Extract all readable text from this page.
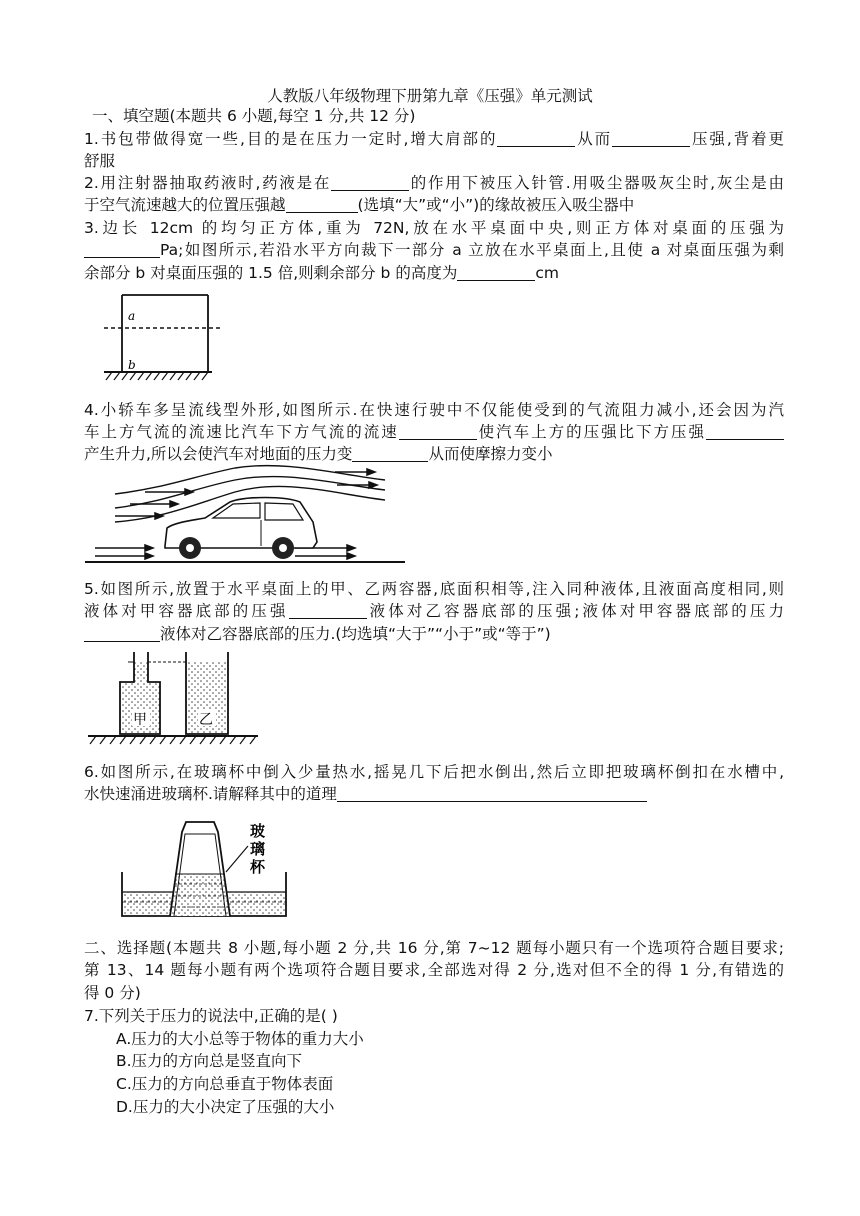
人教版八年级物理下册第九章《压强》单元测试
一、填空题(本题共 6 小题,每空 1 分,共 12 分)
1.书包带做得宽一些,目的是在压力一定时,增大肩部的	从而	压强,背着更
舒服
2.用注射器抽取药液时,药液是在	的作用下被压入针管.用吸尘器吸灰尘时,灰尘是由
于空气流速越大的位置压强越	(选填“大”或“小”)的缘故被压入吸尘器中
3.边长 12cm 的均匀正方体,重为 72N,放在水平桌面中央,则正方体对桌面的压强为
Pa;如图所示,若沿水平方向裁下一部分 a 立放在水平桌面上,且使 a 对桌面压强为剩
余部分 b 对桌面压强的 1.5 倍,则剩余部分 b 的高度为	cm
a
b
4.小轿车多呈流线型外形,如图所示.在快速行驶中不仅能使受到的气流阻力减小,还会因为汽
车上方气流的流速比汽车下方气流的流速	使汽车上方的压强比下方压强
产生升力,所以会使汽车对地面的压力变	从而使摩擦力变小
5.如图所示,放置于水平桌面上的甲、乙两容器,底面积相等,注入同种液体,且液面高度相同,则
液体对甲容器底部的压强	液体对乙容器底部的压强;液体对甲容器底部的压力
液体对乙容器底部的压力.(均选填“大于”“小于”或“等于”)
甲	乙
6.如图所示,在玻璃杯中倒入少量热水,摇晃几下后把水倒出,然后立即把玻璃杯倒扣在水槽中,
水快速涌进玻璃杯.请解释其中的道理
玻
璃
杯
二、选择题(本题共 8 小题,每小题 2 分,共 16 分,第 7~12 题每小题只有一个选项符合题目要求;
第 13、14 题每小题有两个选项符合题目要求,全部选对得 2 分,选对但不全的得 1 分,有错选的
得 0 分)
7.下列关于压力的说法中,正确的是( )
A.压力的大小总等于物体的重力大小
B.压力的方向总是竖直向下
C.压力的方向总垂直于物体表面
D.压力的大小决定了压强的大小
